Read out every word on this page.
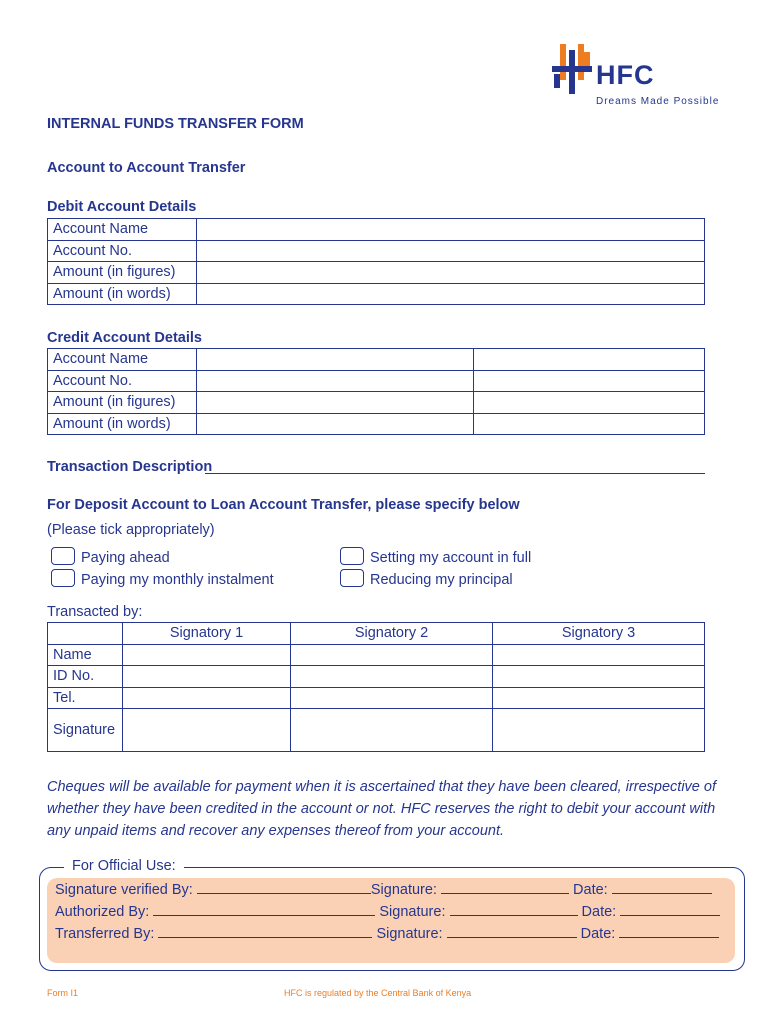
HFC
Dreams Made Possible
INTERNAL FUNDS TRANSFER FORM
Account to Account Transfer
Debit Account Details
Account Name	
Account No.	
Amount (in figures)	
Amount (in words)	
Credit Account Details
Account Name		
Account No.		
Amount (in figures)		
Amount (in words)		
Transaction Description
For Deposit Account to Loan Account Transfer, please specify below
(Please tick appropriately)
Paying ahead	Setting my account in full
Paying my monthly instalment	Reducing my principal
Transacted by:
	Signatory 1	Signatory 2	Signatory 3
Name			
ID No.			
Tel.			
Signature			
Cheques will be available for payment when it is ascertained that they have been cleared, irrespective of whether they have been credited in the account or not. HFC reserves the right to debit your account with any unpaid items and recover any expenses thereof from your account.
For Official Use:
Signature verified By:	Signature:	Date:
Authorized By:	Signature:	Date:
Transferred By:	Signature:	Date:
Form I1	HFC is regulated by the Central Bank of Kenya
